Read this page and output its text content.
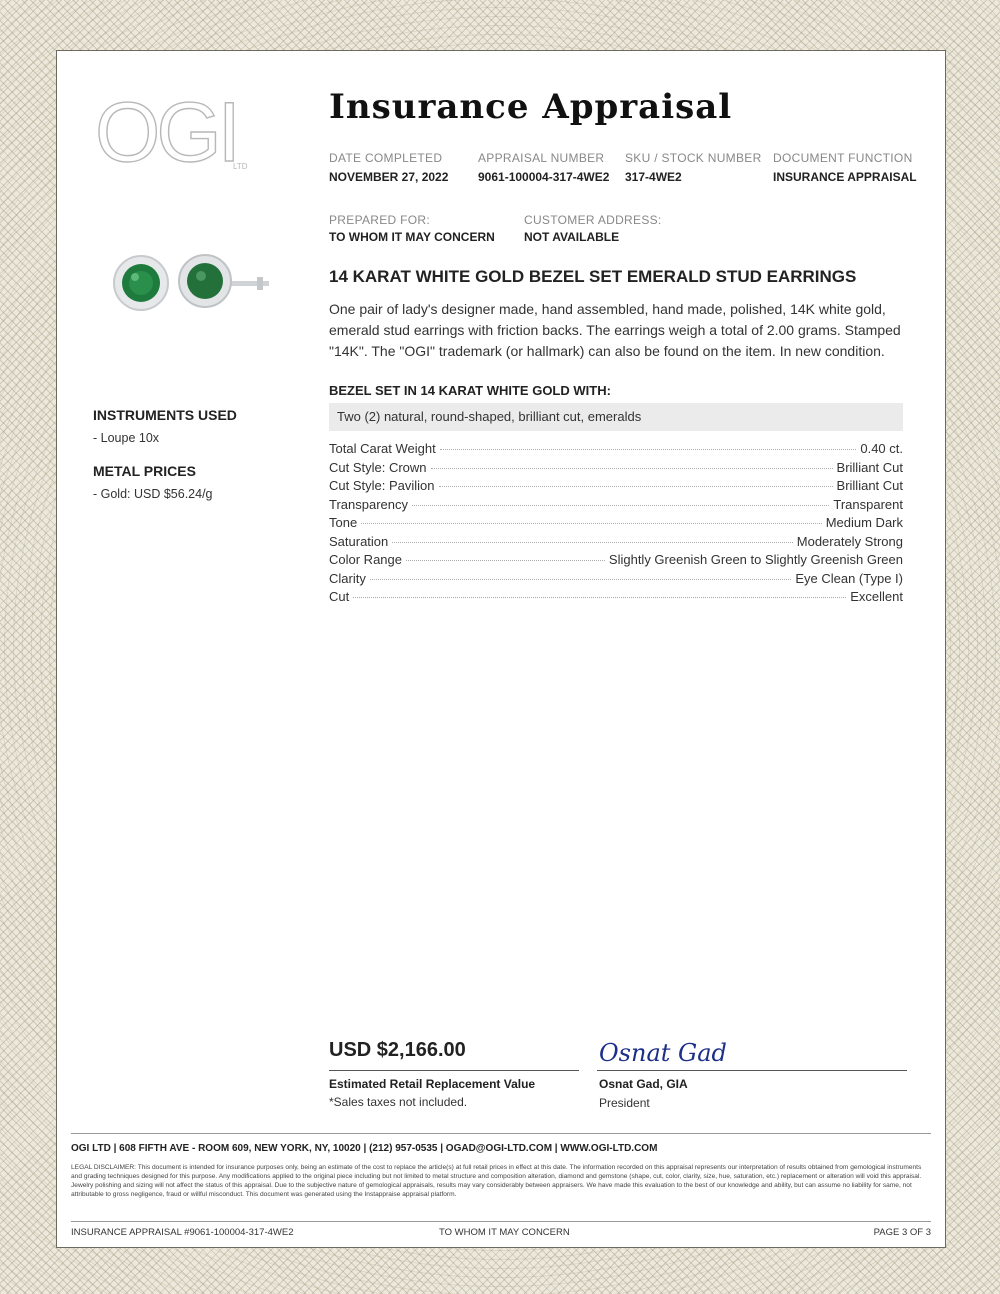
OGI
LTD
Insurance Appraisal
DATE COMPLETED
NOVEMBER 27, 2022
APPRAISAL NUMBER
9061-100004-317-4WE2
SKU / STOCK NUMBER
317-4WE2
DOCUMENT FUNCTION
INSURANCE APPRAISAL
PREPARED FOR:
TO WHOM IT MAY CONCERN
CUSTOMER ADDRESS:
NOT AVAILABLE
INSTRUMENTS USED
- Loupe 10x
METAL PRICES
- Gold: USD $56.24/g
14 KARAT WHITE GOLD BEZEL SET EMERALD STUD EARRINGS
One pair of lady's designer made, hand assembled, hand made, polished, 14K white gold, emerald stud earrings with friction backs. The earrings weigh a total of 2.00 grams. Stamped "14K". The "OGI" trademark (or hallmark) can also be found on the item. In new condition.
BEZEL SET IN 14 KARAT WHITE GOLD WITH:
Two (2) natural, round-shaped, brilliant cut, emeralds
Total Carat Weight	0.40 ct.
Cut Style: Crown	Brilliant Cut
Cut Style: Pavilion	Brilliant Cut
Transparency	Transparent
Tone	Medium Dark
Saturation	Moderately Strong
Color Range	Slightly Greenish Green to Slightly Greenish Green
Clarity	Eye Clean (Type I)
Cut	Excellent
USD $2,166.00
Estimated Retail Replacement Value
*Sales taxes not included.
Osnat Gad
Osnat Gad, GIA
President
OGI LTD | 608 FIFTH AVE - ROOM 609, NEW YORK, NY, 10020 | (212) 957-0535 | OGAD@OGI-LTD.COM | WWW.OGI-LTD.COM
LEGAL DISCLAIMER: This document is intended for insurance purposes only, being an estimate of the cost to replace the article(s) at full retail prices in effect at this date. The information recorded on this appraisal represents our interpretation of results obtained from gemological instruments and grading techniques designed for this purpose. Any modifications applied to the original piece including but not limited to metal structure and composition alteration, diamond and gemstone (shape, cut, color, clarity, size, hue, saturation, etc.) replacement or alteration will void this appraisal. Jewelry polishing and sizing will not affect the status of this appraisal. Due to the subjective nature of gemological appraisals, results may vary considerably between appraisers. We have made this evaluation to the best of our knowledge and ability, but can assume no liability for same, not attributable to gross negligence, fraud or willful misconduct. This document was generated using the Instappraise appraisal platform.
INSURANCE APPRAISAL #9061-100004-317-4WE2	TO WHOM IT MAY CONCERN	PAGE 3 OF 3
